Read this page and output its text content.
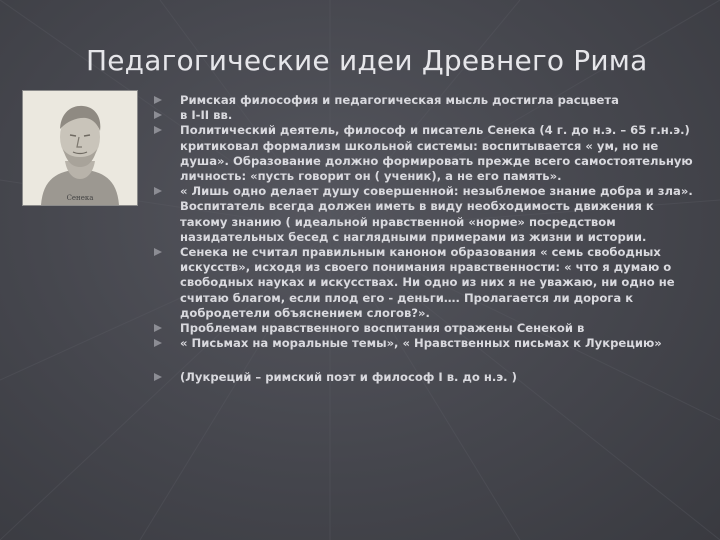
Педагогические идеи Древнего Рима
Сенека
Римская философия и педагогическая мысль достигла расцвета
в I-II вв.
Политический деятель, философ и писатель Сенека (4 г. до н.э. – 65 г.н.э.) критиковал формализм школьной системы: воспитывается « ум, но не душа». Образование должно формировать прежде всего самостоятельную личность: «пусть говорит он ( ученик), а не его память».
« Лишь одно делает душу совершенной: незыблемое знание добра и зла». Воспитатель всегда должен иметь в виду необходимость движения к такому знанию ( идеальной нравственной «норме» посредством назидательных бесед с наглядными примерами из жизни и истории.
Сенека не считал правильным каноном образования « семь свободных искусств», исходя из своего понимания нравственности: « что я думаю о свободных науках и искусствах. Ни одно из них я не уважаю, ни одно не считаю благом, если плод его - деньги…. Пролагается ли дорога к добродетели объяснением слогов?».
Проблемам нравственного воспитания отражены Сенекой в
« Письмах на моральные темы», « Нравственных письмах к Лукрецию»
(Лукреций – римский поэт и философ I в. до н.э. )
